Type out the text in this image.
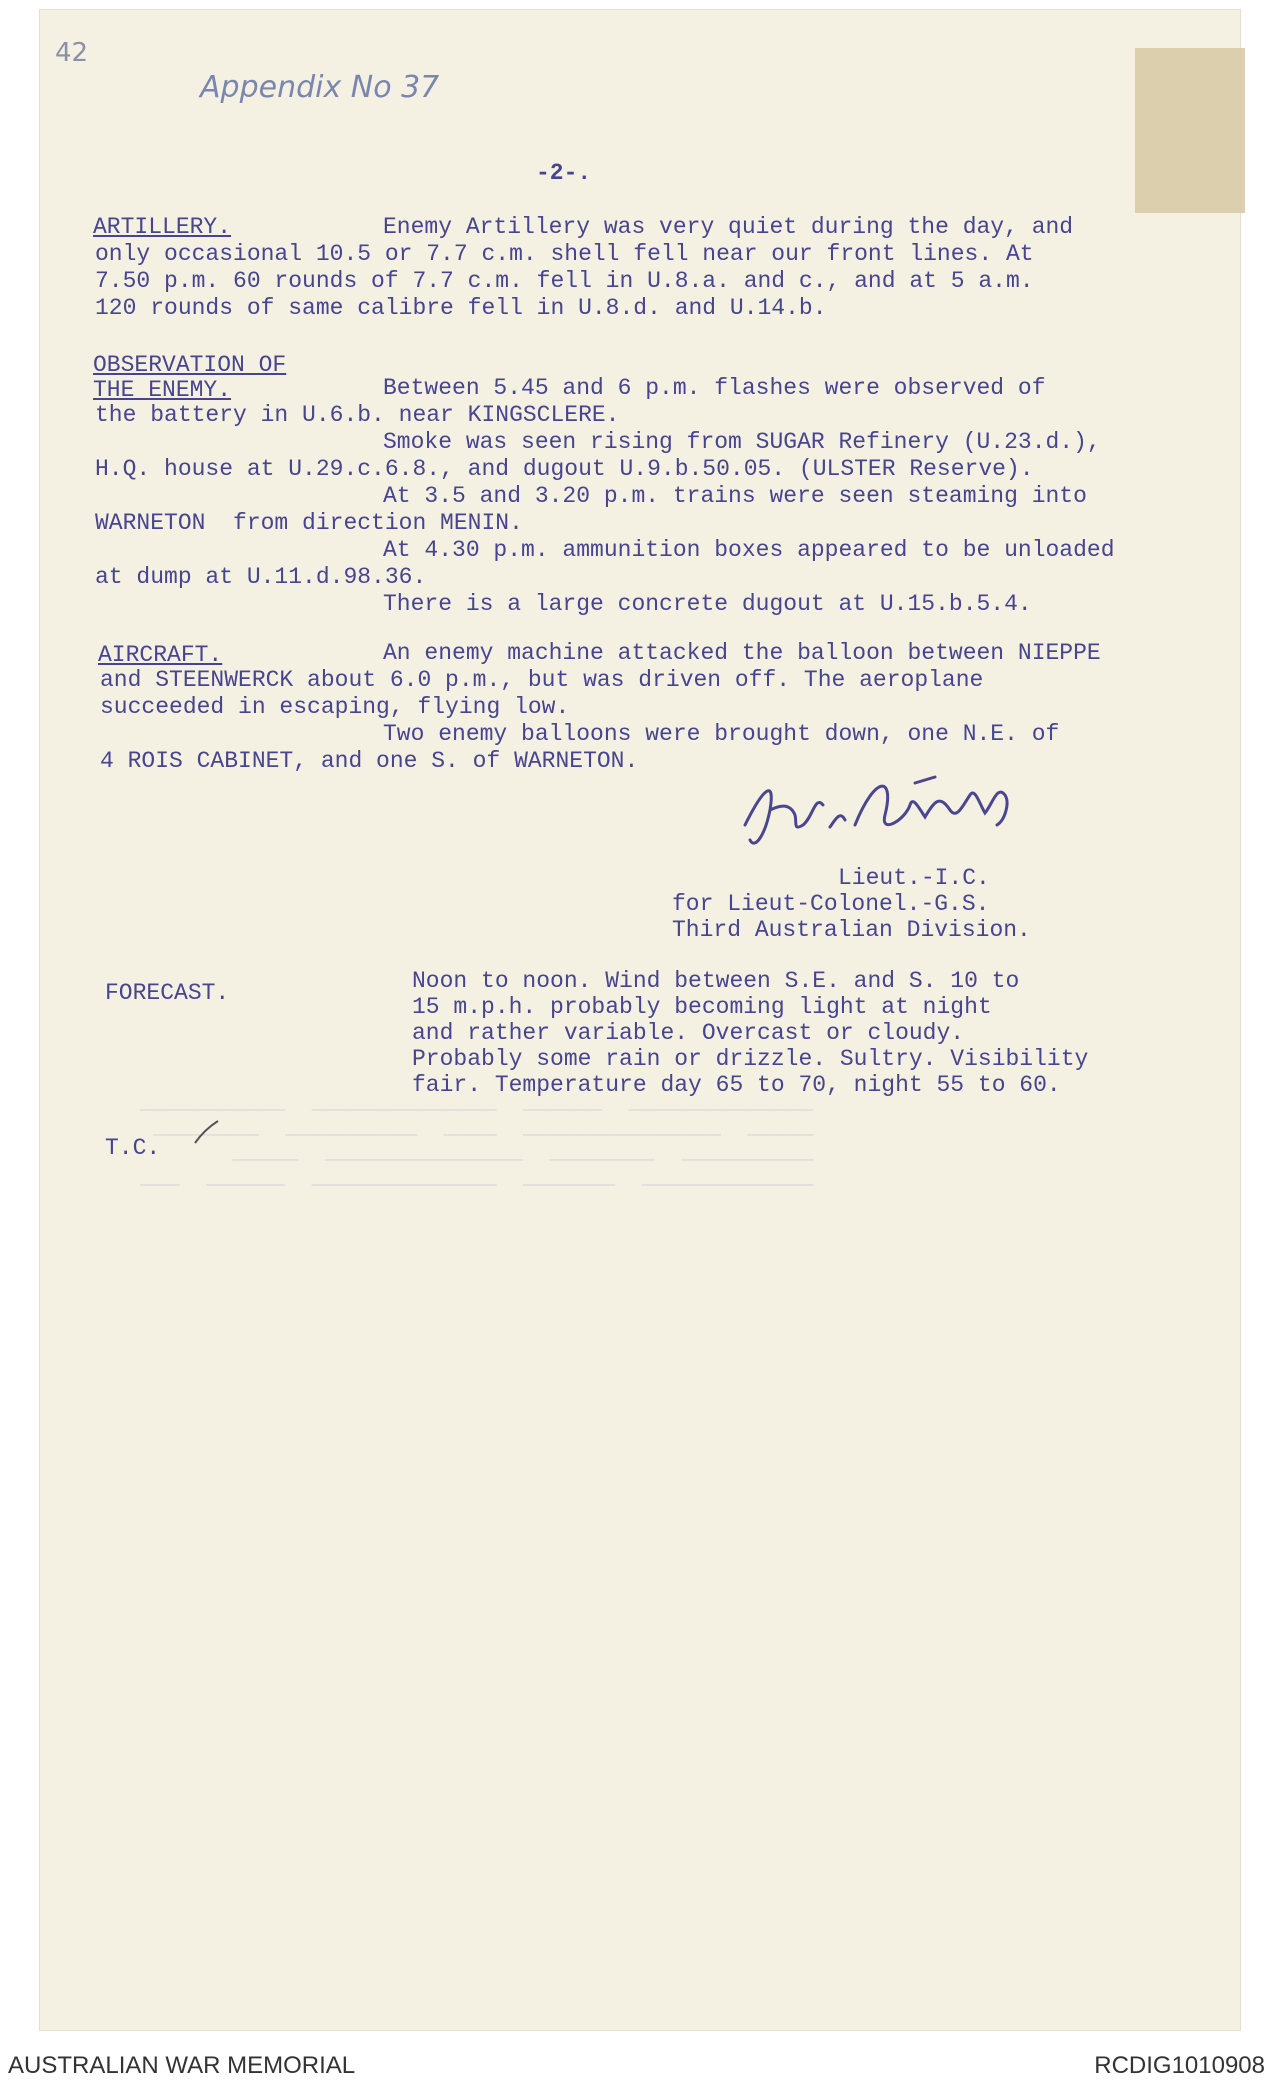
______________  ______  ______________  ___________
_____  _______________  ____  __________  ________
__________  ________  _______________  _____
_____________  _______  ______________  ______  ___
42
Appendix No 37
-2-.
ARTILLERY.	Enemy Artillery was very quiet during the day, and
only occasional 10.5 or 7.7 c.m. shell fell near our front lines. At
7.50 p.m. 60 rounds of 7.7 c.m. fell in U.8.a. and c., and at 5 a.m.
120 rounds of same calibre fell in U.8.d. and U.14.b.
OBSERVATION OF
THE ENEMY.	Between 5.45 and 6 p.m. flashes were observed of
the battery in U.6.b. near KINGSCLERE.
Smoke was seen rising from SUGAR Refinery (U.23.d.),
H.Q. house at U.29.c.6.8., and dugout U.9.b.50.05. (ULSTER Reserve).
At 3.5 and 3.20 p.m. trains were seen steaming into
WARNETON  from direction MENIN.
At 4.30 p.m. ammunition boxes appeared to be unloaded
at dump at U.11.d.98.36.
There is a large concrete dugout at U.15.b.5.4.
AIRCRAFT.	An enemy machine attacked the balloon between NIEPPE
and STEENWERCK about 6.0 p.m., but was driven off. The aeroplane
succeeded in escaping, flying low.
Two enemy balloons were brought down, one N.E. of
4 ROIS CABINET, and one S. of WARNETON.
Lieut.-I.C.
for Lieut-Colonel.-G.S.
Third Australian Division.
FORECAST.	Noon to noon. Wind between S.E. and S. 10 to
15 m.p.h. probably becoming light at night
and rather variable. Overcast or cloudy.
Probably some rain or drizzle. Sultry. Visibility
fair. Temperature day 65 to 70, night 55 to 60.
T.C.
AUSTRALIAN WAR MEMORIAL	RCDIG1010908
